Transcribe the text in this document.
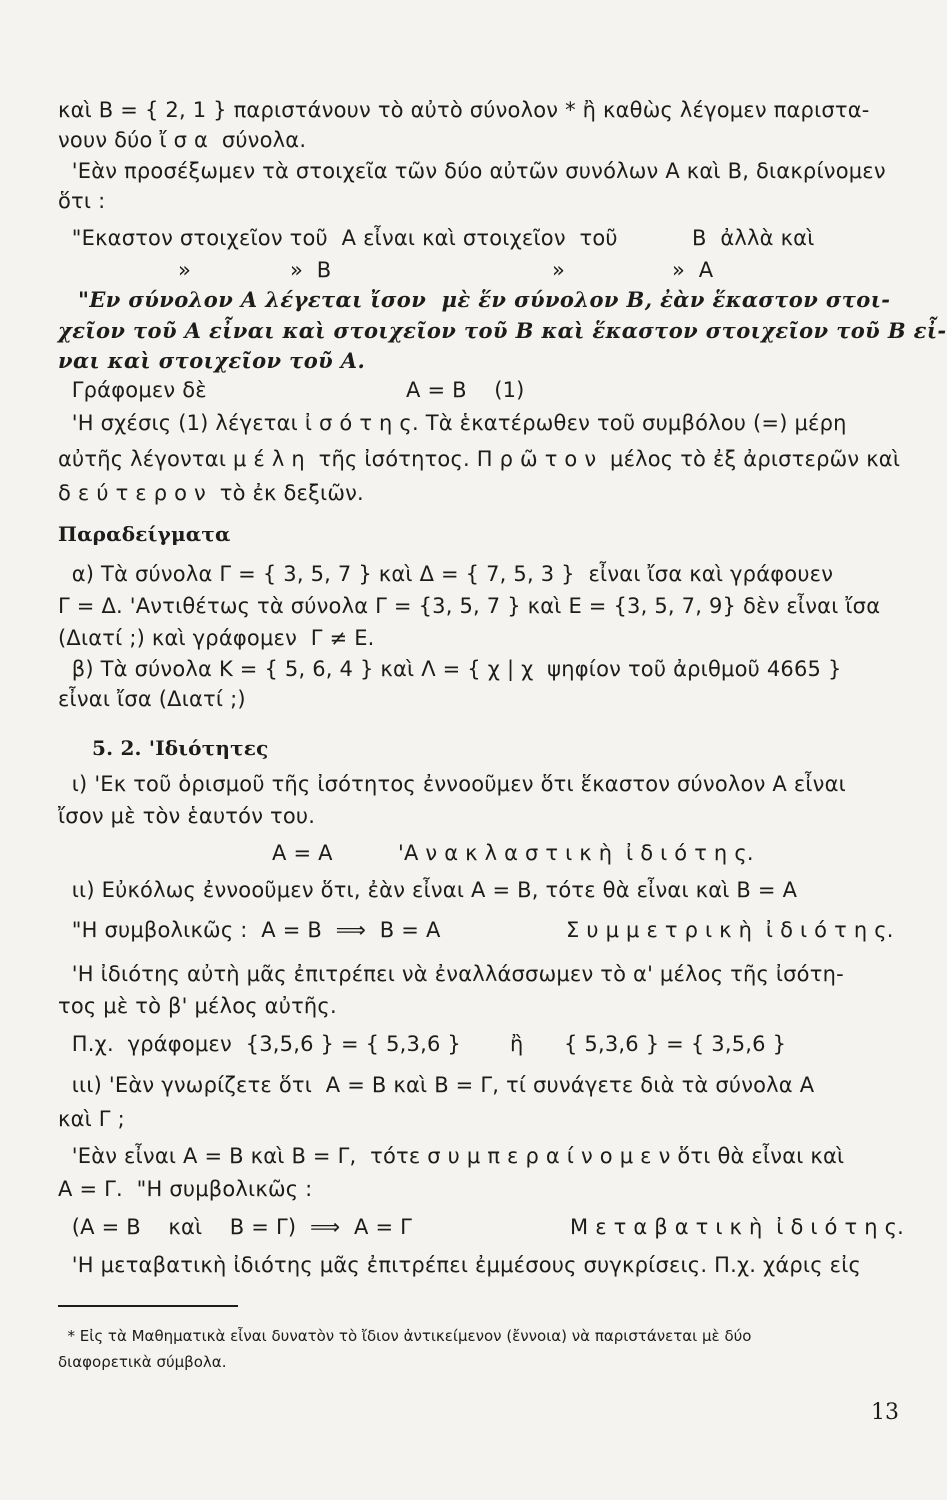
καὶ Β = { 2, 1 } παριστάνουν τὸ αὐτὸ σύνολον * ἢ καθὼς λέγομεν παριστα-
νουν δύο ἴ σ α  σύνολα.
'Εὰν προσέξωμεν τὰ στοιχεῖα τῶν δύο αὐτῶν συνόλων Α καὶ Β, διακρίνομεν
ὅτι :
"Εκαστον στοιχεῖον τοῦ  Α εἶναι καὶ στοιχεῖον  τοῦ	Β  ἀλλὰ καὶ
»	»  Β	»	»  Α
"Εν σύνολον Α λέγεται ἴσον  μὲ ἕν σύνολον Β, ἐὰν ἕκαστον στοι-
χεῖον τοῦ Α εἶναι καὶ στοιχεῖον τοῦ Β καὶ ἕκαστον στοιχεῖον τοῦ Β εἶ-
ναι καὶ στοιχεῖον τοῦ Α.
Γράφομεν δὲ	Α = Β    (1)
'Η σχέσις (1) λέγεται ἰ σ ό τ η ς. Τὰ ἑκατέρωθεν τοῦ συμβόλου (=) μέρη
αὐτῆς λέγονται μ έ λ η  τῆς ἰσότητος. Π ρ ῶ τ ο ν  μέλος τὸ ἐξ ἀριστερῶν καὶ
δ ε ύ τ ε ρ ο ν  τὸ ἐκ δεξιῶν.
Παραδείγματα
α) Τὰ σύνολα Γ = { 3, 5, 7 } καὶ Δ = { 7, 5, 3 }  εἶναι ἴσα καὶ γράφουεν
Γ = Δ. 'Αντιθέτως τὰ σύνολα Γ = {3, 5, 7 } καὶ Ε = {3, 5, 7, 9} δὲν εἶναι ἴσα
(Διατί ;) καὶ γράφομεν  Γ ≠ Ε.
β) Τὰ σύνολα Κ = { 5, 6, 4 } καὶ Λ = { χ | χ  ψηφίον τοῦ ἀριθμοῦ 4665 }
εἶναι ἴσα (Διατί ;)
5. 2. 'Ιδιότητες
ι) 'Εκ τοῦ ὁρισμοῦ τῆς ἰσότητος ἐννοοῦμεν ὅτι ἕκαστον σύνολον Α εἶναι
ἴσον μὲ τὸν ἑαυτόν του.
Α = Α	'Α ν α κ λ α σ τ ι κ ὴ  ἰ δ ι ό τ η ς.
ιι) Εὐκόλως ἐννοοῦμεν ὅτι, ἐὰν εἶναι Α = Β, τότε θὰ εἶναι καὶ Β = Α
"Η συμβολικῶς :  Α = Β  ⟹  Β = Α	Σ υ μ μ ε τ ρ ι κ ὴ  ἰ δ ι ό τ η ς.
'Η ἰδιότης αὐτὴ μᾶς ἐπιτρέπει νὰ ἐναλλάσσωμεν τὸ α' μέλος τῆς ἰσότη-
τος μὲ τὸ β' μέλος αὐτῆς.
Π.χ.  γράφομεν  {3,5,6 } = { 5,3,6 } ἢ { 5,3,6 } = { 3,5,6 }
ιιι) 'Εὰν γνωρίζετε ὅτι  Α = Β καὶ Β = Γ, τί συνάγετε διὰ τὰ σύνολα Α
καὶ Γ ;
'Εὰν εἶναι Α = Β καὶ Β = Γ,  τότε σ υ μ π ε ρ α ί ν ο μ ε ν ὅτι θὰ εἶναι καὶ
Α = Γ.  "Η συμβολικῶς :
(Α = Β    καὶ    Β = Γ)  ⟹  Α = Γ	Μ ε τ α β α τ ι κ ὴ  ἰ δ ι ό τ η ς.
'Η μεταβατικὴ ἰδιότης μᾶς ἐπιτρέπει ἐμμέσους συγκρίσεις. Π.χ. χάρις εἰς
* Εἰς τὰ Μαθηματικὰ εἶναι δυνατὸν τὸ ἴδιον ἀντικείμενον (ἔννοια) νὰ παριστάνεται μὲ δύο
διαφορετικὰ σύμβολα.
13
